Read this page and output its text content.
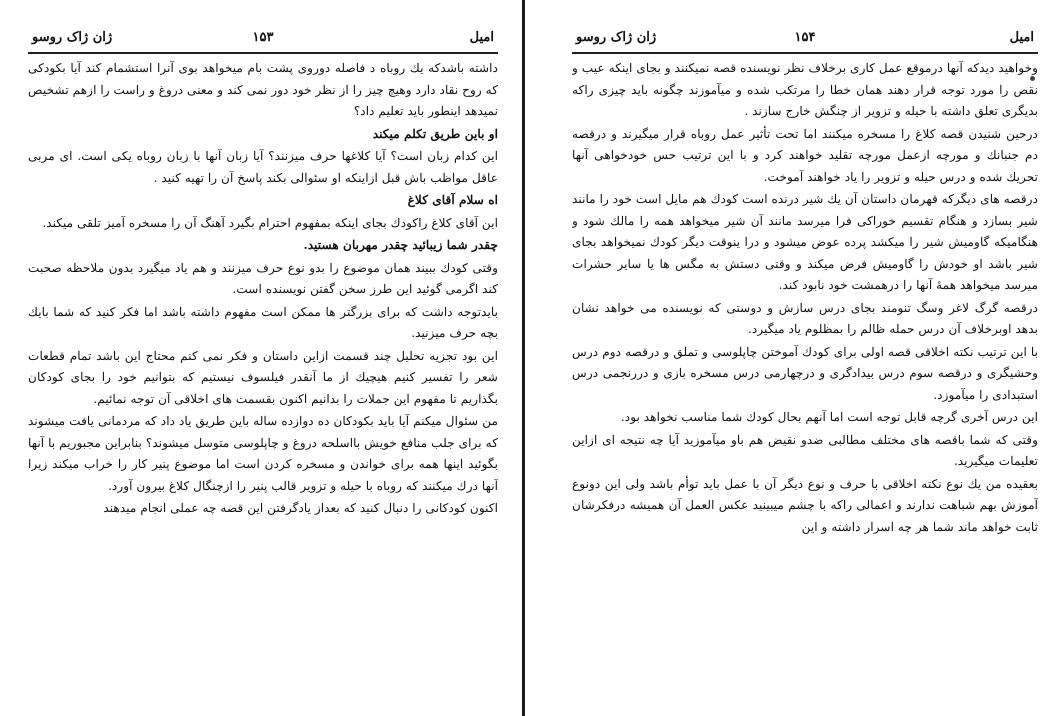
امیل
۱۵۳
ژان ژاک روسو

داشته باشدکه یك روباه د فاصله دوروی پشت بام میخواهد بوی آنرا استشمام کند آیا بکودکی که روح نقاد دارد وهیچ چیز را از نظر خود دور نمی کند و معنی دروغ و راست را ازهم تشخیص نمیدهد اینطور باید تعلیم داد؟

او باین طریق تکلم میکند

این کدام زبان است؟ آیا کلاغها حرف میزنند؟ آیا زبان آنها با زبان روباه یکی است. ای مربی عاقل مواظب باش قبل ازاینکه او سئوالی بکند پاسخ آن را تهیه کنید .

اه سلام آقای کلاغ

این آقای کلاغ راکودك بجای اینکه بمفهوم احترام بگیرد آهنگ آن را مسخره آمیز تلقی میکند.

چقدر شما زیبائید چقدر مهربان هستید.

وقتی کودك ببیند همان موضوع را بدو نوع حرف میزنند و هم یاد میگیرد بدون ملاحظه صحبت کند اگرمی گوئید این طرز سخن گفتن نویسنده است.

بایدتوجه داشت که برای بزرگتر ها ممکن است مفهوم داشته باشد اما فکر کنید که شما بایك بچه حرف میزنید.

این بود تجزیه تحلیل چند قسمت ازاین داستان و فکر نمی کنم محتاج این باشد تمام قطعات شعر را تفسیر کنیم هیچیك از ما آنقدر فیلسوف نیستیم که بتوانیم خود را بجای کودکان بگذاریم تا مفهوم این جملات را بدانیم اکنون بقسمت های اخلاقی آن توجه نمائیم.

من سئوال میکنم آیا باید بکودکان ده دوازده ساله باین طریق یاد داد که مردمانی یافت میشوند که برای جلب منافع خویش بااسلحه دروغ و چاپلوسی متوسل میشوند؟ بنابراین مجبوریم با آنها بگوئید اینها همه برای خواندن و مسخره کردن است اما موضوع پنیر کار را خراب میکند زیرا آنها درك میکنند که روباه با حیله و تزویر قالب پنیر را ازچنگال کلاغ بیرون آورد.

اکنون کودکانی را دنبال کنید که بعداز یادگرفتن این قصه چه عملی انجام میدهند

امیل
۱۵۴
ژان ژاک روسو

وخواهید دیدکه آنها درموقع عمل کاری برخلاف نظر نویسنده قصه نمیکنند و بجای اینکه عیب و نقص را مورد توجه قرار دهند همان خطا را مرتکب شده و میآموزند چگونه باید چیزی راکه بدیگری تعلق داشته با حیله و تزویر از چنگش خارج سازند .

درحین شنیدن قصه کلاغ را مسخره میکنند اما تحت تأثیر عمل روباه قرار میگیرند و درقصه دم جنبانك و مورچه ازعمل مورچه تقلید خواهند کرد و با این ترتیب حس خودخواهی آنها تحریك شده و درس حیله و تزویر را یاد خواهند آموخت.

درقصه های دیگرکه قهرمان داستان آن یك شیر درنده است کودك هم مایل است خود را مانند شیر بسازد و هنگام تقسیم خوراکی فرا میرسد مانند آن شیر میخواهد همه را مالك شود و هنگامیکه گاومیش شیر را میکشد پرده عوض میشود و درا ینوقت دیگر کودك نمیخواهد بجای شیر باشد او خودش را گاومیش فرض میکند و وقتی دستش به مگس ها یا سایر حشرات میرسد میخواهد همهٔ آنها را درهمشت خود نابود کند.

درقصه گرگ لاغر وسگ تنومند بجای درس سازش و دوستی که نویسنده می خواهد نشان بدهد اوبرخلاف آن درس حمله ظالم را بمظلوم یاد میگیرد.

با این ترتیب نکته اخلاقی قصه اولی برای کودك آموختن چاپلوسی و تملق و درقصه دوم درس وحشیگری و درقصه سوم درس بیدادگری و درچهارمی درس مسخره بازی و دررنجمی درس استبدادی را میآموزد.

این درس آخری گرچه قابل توجه است اما آنهم بحال کودك شما مناسب نخواهد بود.

وقتی که شما باقصه های مختلف مطالبی ضدو نقیض هم باو میآموزید آیا چه نتیجه ای ازاین تعلیمات میگیرید.

بعقیده من یك نوع نکته اخلاقی با حرف و نوع دیگر آن با عمل باید توأم باشد ولی این دونوع آموزش بهم شباهت ندارند و اعمالی راکه با چشم میبینید عکس العمل آن همیشه درفکرشان ثابت خواهد ماند شما هر چه اسرار داشته و این
